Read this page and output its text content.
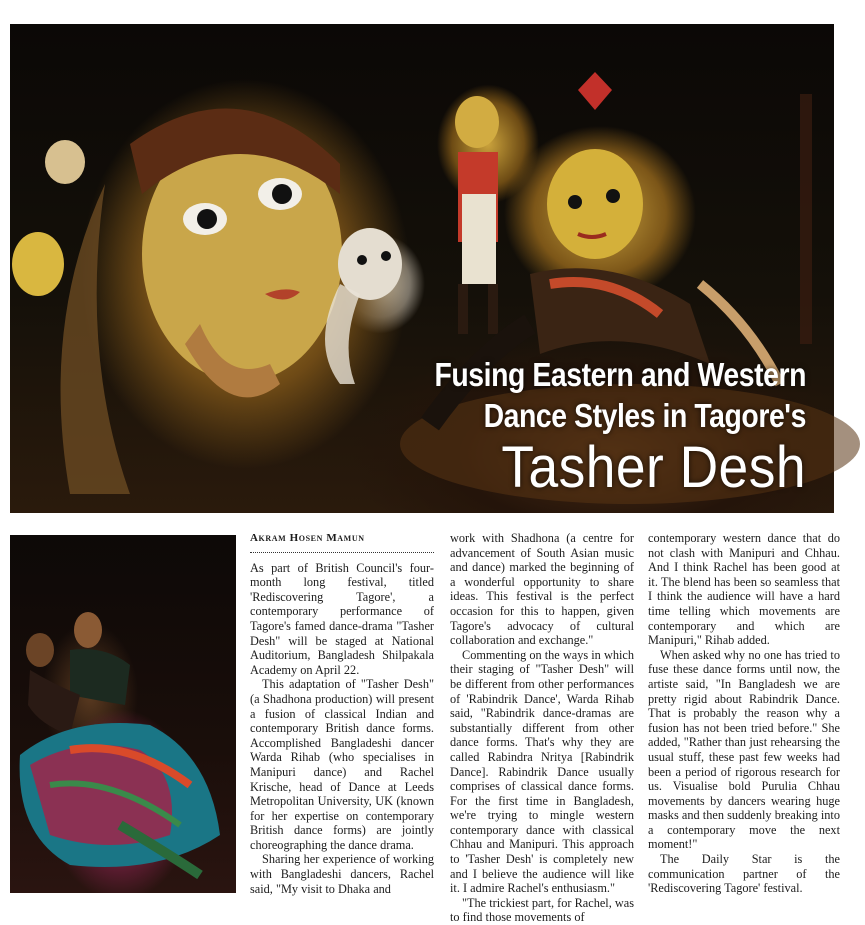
Fusing Eastern and Western
Dance Styles in Tagore's
Tasher Desh
Akram Hosen Mamun

As part of British Council's four-month long festival, titled 'Rediscovering Tagore', a contemporary performance of Tagore's famed dance-drama "Tasher Desh" will be staged at National Auditorium, Bangladesh Shilpakala Academy on April 22.

This adaptation of "Tasher Desh" (a Shadhona production) will present a fusion of classical Indian and contemporary British dance forms. Accomplished Bangladeshi dancer Warda Rihab (who specialises in Manipuri dance) and Rachel Krische, head of Dance at Leeds Metropolitan University, UK (known for her expertise on contemporary British dance forms) are jointly choreographing the dance drama.

Sharing her experience of working with Bangladeshi dancers, Rachel said, "My visit to Dhaka and

work with Shadhona (a centre for advancement of South Asian music and dance) marked the beginning of a wonderful opportunity to share ideas. This festival is the perfect occasion for this to happen, given Tagore's advocacy of cultural collaboration and exchange."

Commenting on the ways in which their staging of "Tasher Desh" will be different from other performances of 'Rabindrik Dance', Warda Rihab said, "Rabindrik dance-dramas are substantially different from other dance forms. That's why they are called Rabindra Nritya [Rabindrik Dance]. Rabindrik Dance usually comprises of classical dance forms. For the first time in Bangladesh, we're trying to mingle western contemporary dance with classical Chhau and Manipuri. This approach to 'Tasher Desh' is completely new and I believe the audience will like it. I admire Rachel's enthusiasm."

"The trickiest part, for Rachel, was to find those movements of

contemporary western dance that do not clash with Manipuri and Chhau. And I think Rachel has been good at it. The blend has been so seamless that I think the audience will have a hard time telling which movements are contemporary and which are Manipuri," Rihab added.

When asked why no one has tried to fuse these dance forms until now, the artiste said, "In Bangladesh we are pretty rigid about Rabindrik Dance. That is probably the reason why a fusion has not been tried before." She added, "Rather than just rehearsing the usual stuff, these past few weeks had been a period of rigorous research for us. Visualise bold Purulia Chhau movements by dancers wearing huge masks and then suddenly breaking into a contemporary move the next moment!"

The Daily Star is the communication partner of the 'Rediscovering Tagore' festival.
